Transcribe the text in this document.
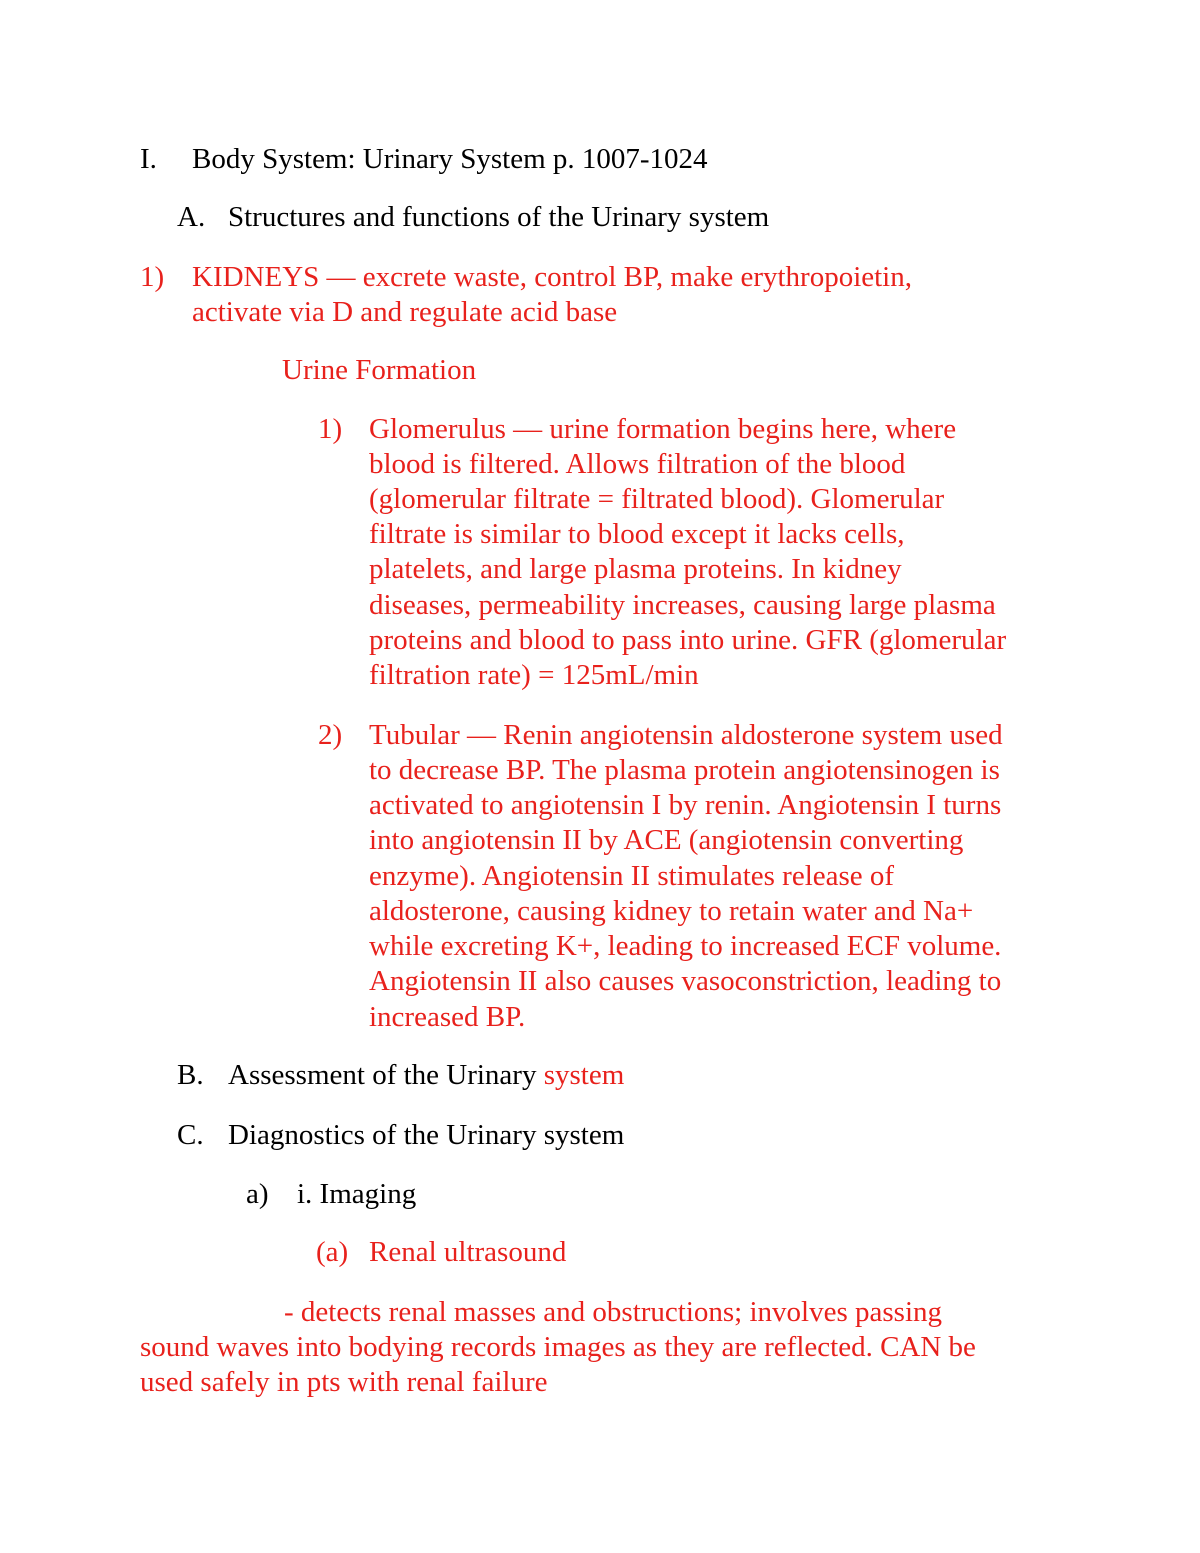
I. Body System: Urinary System p. 1007-1024
A. Structures and functions of the Urinary system
1) KIDNEYS — excrete waste, control BP, make erythropoietin,
activate via D and regulate acid base
Urine Formation
1) Glomerulus — urine formation begins here, where
blood is filtered. Allows filtration of the blood
(glomerular filtrate = filtrated blood). Glomerular
filtrate is similar to blood except it lacks cells,
platelets, and large plasma proteins. In kidney
diseases, permeability increases, causing large plasma
proteins and blood to pass into urine. GFR (glomerular
filtration rate) = 125mL/min
2) Tubular — Renin angiotensin aldosterone system used
to decrease BP. The plasma protein angiotensinogen is
activated to angiotensin I by renin. Angiotensin I turns
into angiotensin II by ACE (angiotensin converting
enzyme). Angiotensin II stimulates release of
aldosterone, causing kidney to retain water and Na+
while excreting K+, leading to increased ECF volume.
Angiotensin II also causes vasoconstriction, leading to
increased BP.
B. Assessment of the Urinary system
C. Diagnostics of the Urinary system
a) i. Imaging
(a) Renal ultrasound
- detects renal masses and obstructions; involves passing
sound waves into bodying records images as they are reflected. CAN be
used safely in pts with renal failure
